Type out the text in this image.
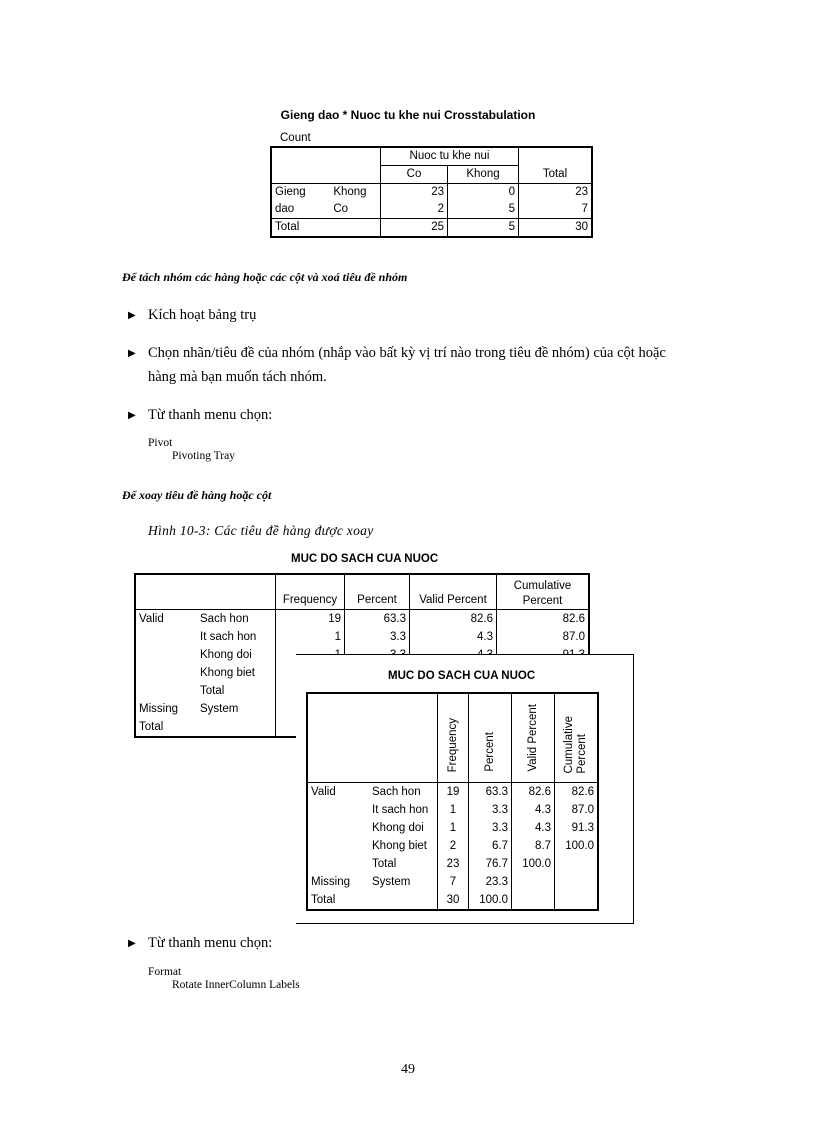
Gieng dao * Nuoc tu khe nui Crosstabulation
Count
		Nuoc tu khe nui		
		Co	Khong	Total
Gieng	Khong	23	0	23
dao	Co	2	5	7
Total		25	5	30
Để tách nhóm các hàng hoặc các cột và xoá tiêu đề nhóm
▶ Kích hoạt bảng trụ
▶ Chọn nhãn/tiêu đề của nhóm (nhắp vào bất kỳ vị trí nào trong tiêu đề nhóm) của cột hoặc
hàng mà bạn muốn tách nhóm.
▶ Từ thanh menu chọn:
Pivot
Pivoting Tray
Để xoay tiêu đề hàng hoặc cột
Hình 10-3: Các tiêu đề hàng được xoay
MUC DO SACH CUA NUOC
		Frequency	Percent	Valid Percent	Cumulative
Percent

Valid	Sach hon	19	63.3	82.6	82.6
	It sach hon	1	3.3	4.3	87.0
	Khong doi				
	Khong biet				
	Total				
Missing	System				
Total					
MUC DO SACH CUA NUOC
		Frequency	Percent	Valid Percent	CumulativePercent
Valid	Sach hon	19	63.3	82.6	82.6
	It sach hon	1	3.3	4.3	87.0
	Khong doi	1	3.3	4.3	91.3
	Khong biet	2	6.7	8.7	100.0
	Total	23	76.7	100.0	
Missing	System	7	23.3		
Total		30	100.0		
▶ Từ thanh menu chọn:
Format
Rotate InnerColumn Labels
49
